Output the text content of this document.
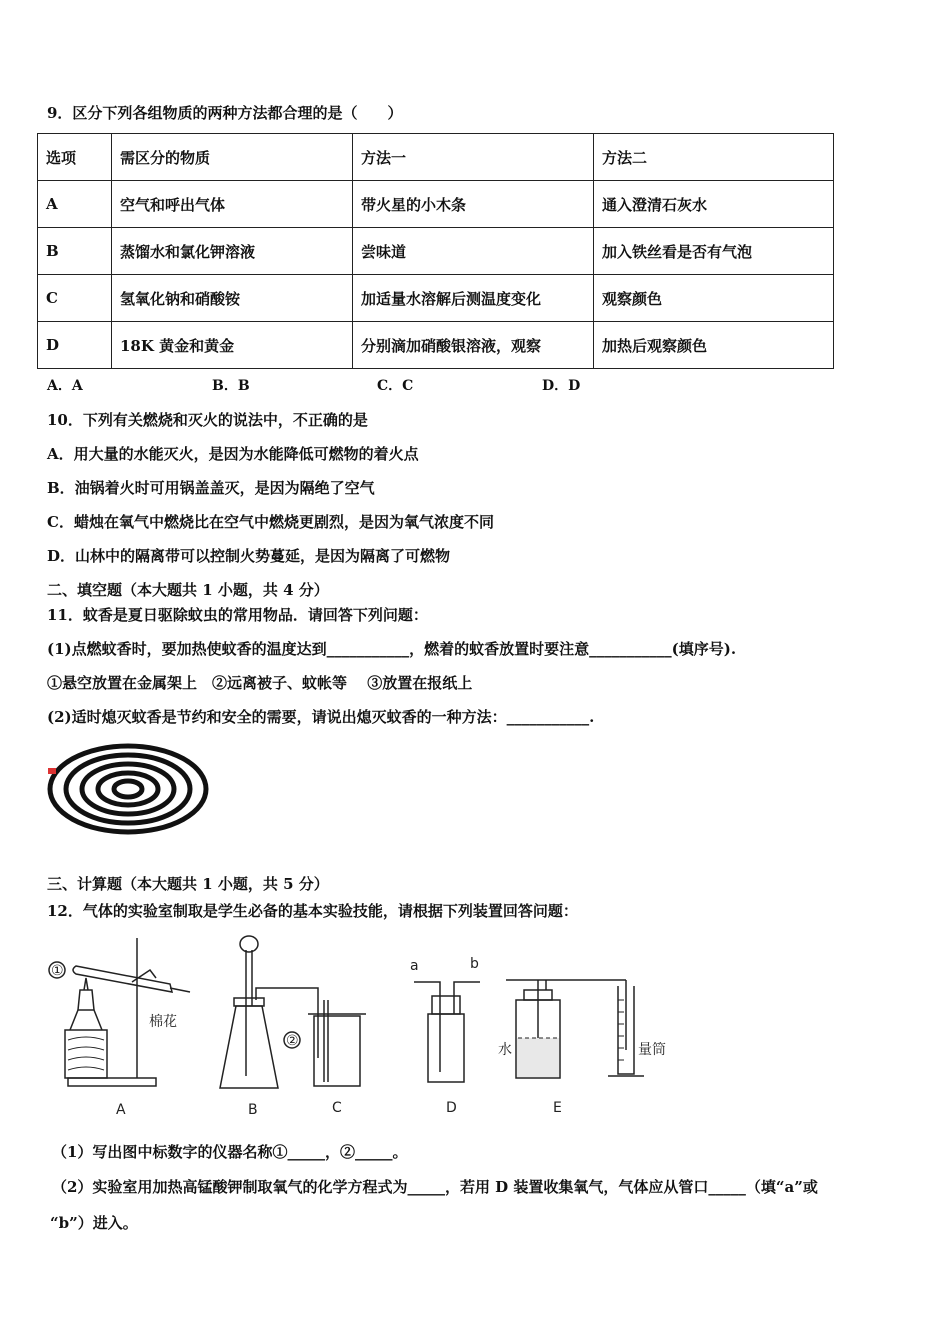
9．区分下列各组物质的两种方法都合理的是（　　）
选项	需区分的物质	方法一	方法二
A	空气和呼出气体	带火星的小木条	通入澄清石灰水
B	蒸馏水和氯化钾溶液	尝味道	加入铁丝看是否有气泡
C	氢氧化钠和硝酸铵	加适量水溶解后测温度变化	观察颜色
D	18K 黄金和黄金	分别滴加硝酸银溶液，观察	加热后观察颜色
A．A	B．B	C．C	D．D
10．下列有关燃烧和灭火的说法中，不正确的是
A．用大量的水能灭火，是因为水能降低可燃物的着火点
B．油锅着火时可用锅盖盖灭，是因为隔绝了空气
C．蜡烛在氧气中燃烧比在空气中燃烧更剧烈，是因为氧气浓度不同
D．山林中的隔离带可以控制火势蔓延，是因为隔离了可燃物
二、填空题（本大题共 1 小题，共 4 分）
11．蚊香是夏日驱除蚊虫的常用物品．请回答下列问题：
(1)点燃蚊香时，要加热使蚊香的温度达到___________，燃着的蚊香放置时要注意___________(填序号).
①悬空放置在金属架上　②远离被子、蚊帐等　 ③放置在报纸上
(2)适时熄灭蚊香是节约和安全的需要，请说出熄灭蚊香的一种方法：___________.
三、计算题（本大题共 1 小题，共 5 分）
12．气体的实验室制取是学生必备的基本实验技能，请根据下列装置回答问题：
①
棉花
②
a	b
水	量筒
A	B	C	D	E
（1）写出图中标数字的仪器名称①_____，②_____。
（2）实验室用加热高锰酸钾制取氧气的化学方程式为_____，若用 D 装置收集氧气，气体应从管口_____（填“a”或
“b”）进入。
